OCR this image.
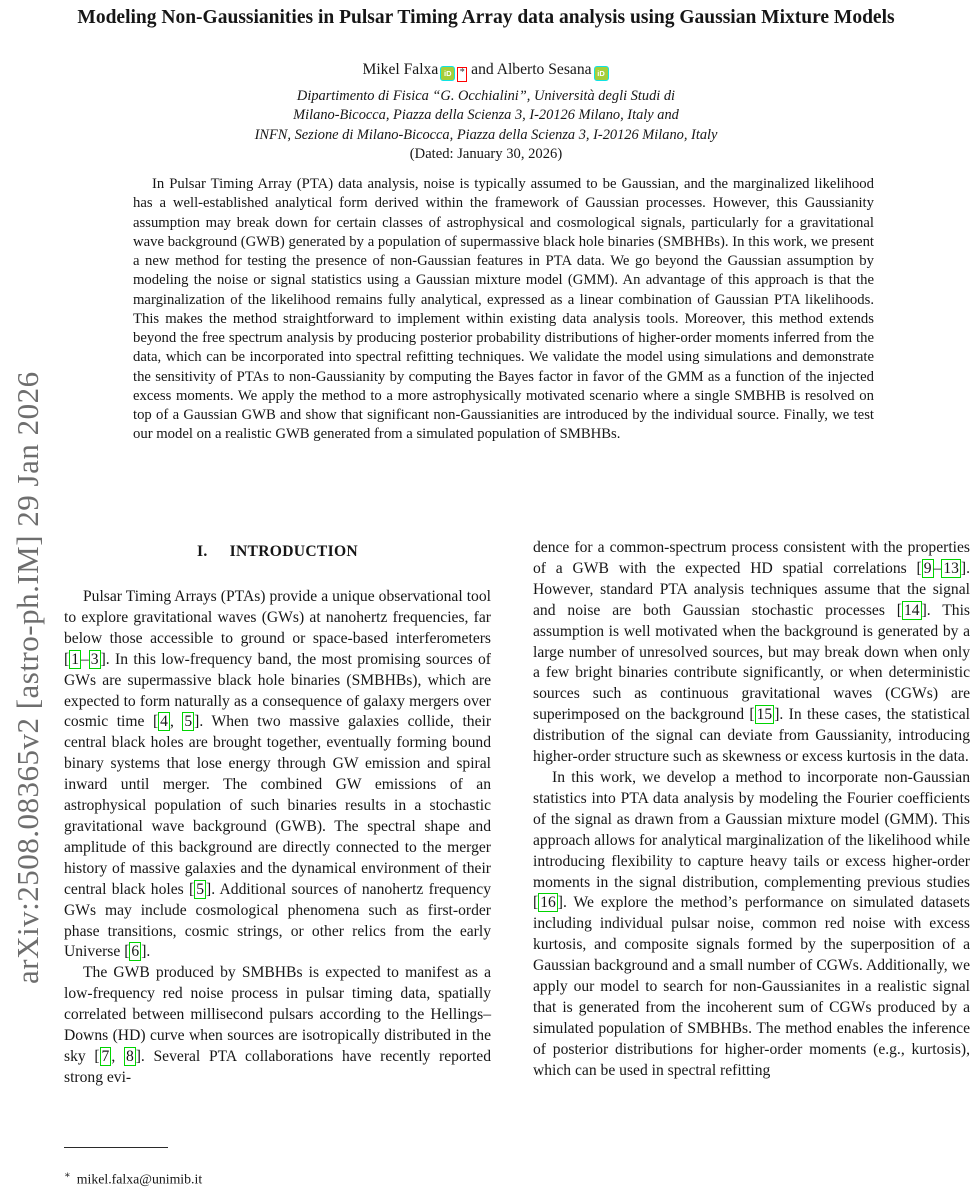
arXiv:2508.08365v2 [astro-ph.IM] 29 Jan 2026
Modeling Non-Gaussianities in Pulsar Timing Array data analysis using Gaussian Mixture Models
Mikel Falxa iD * and Alberto Sesana iD
Dipartimento di Fisica “G. Occhialini”, Università degli Studi di
Milano-Bicocca, Piazza della Scienza 3, I-20126 Milano, Italy and
INFN, Sezione di Milano-Bicocca, Piazza della Scienza 3, I-20126 Milano, Italy
(Dated: January 30, 2026)

In Pulsar Timing Array (PTA) data analysis, noise is typically assumed to be Gaussian, and the marginalized likelihood has a well-established analytical form derived within the framework of Gaussian processes. However, this Gaussianity assumption may break down for certain classes of astrophysical and cosmological signals, particularly for a gravitational wave background (GWB) generated by a population of supermassive black hole binaries (SMBHBs). In this work, we present a new method for testing the presence of non-Gaussian features in PTA data. We go beyond the Gaussian assumption by modeling the noise or signal statistics using a Gaussian mixture model (GMM). An advantage of this approach is that the marginalization of the likelihood remains fully analytical, expressed as a linear combination of Gaussian PTA likelihoods. This makes the method straightforward to implement within existing data analysis tools. Moreover, this method extends beyond the free spectrum analysis by producing posterior probability distributions of higher-order moments inferred from the data, which can be incorporated into spectral refitting techniques. We validate the model using simulations and demonstrate the sensitivity of PTAs to non-Gaussianity by computing the Bayes factor in favor of the GMM as a function of the injected excess moments. We apply the method to a more astrophysically motivated scenario where a single SMBHB is resolved on top of a Gaussian GWB and show that significant non-Gaussianities are introduced by the individual source. Finally, we test our model on a realistic GWB generated from a simulated population of SMBHBs.

I. INTRODUCTION

Pulsar Timing Arrays (PTAs) provide a unique observational tool to explore gravitational waves (GWs) at nanohertz frequencies, far below those accessible to ground or space-based interferometers [ 1 – 3 ]. In this low-frequency band, the most promising sources of GWs are supermassive black hole binaries (SMBHBs), which are expected to form naturally as a consequence of galaxy mergers over cosmic time [ 4 , 5 ]. When two massive galaxies collide, their central black holes are brought together, eventually forming bound binary systems that lose energy through GW emission and spiral inward until merger. The combined GW emissions of an astrophysical population of such binaries results in a stochastic gravitational wave background (GWB). The spectral shape and amplitude of this background are directly connected to the merger history of massive galaxies and the dynamical environment of their central black holes [ 5 ]. Additional sources of nanohertz frequency GWs may include cosmological phenomena such as first-order phase transitions, cosmic strings, or other relics from the early Universe [ 6 ].

The GWB produced by SMBHBs is expected to manifest as a low-frequency red noise process in pulsar timing data, spatially correlated between millisecond pulsars according to the Hellings–Downs (HD) curve when sources are isotropically distributed in the sky [ 7 , 8 ]. Several PTA collaborations have recently reported strong evi-

dence for a common-spectrum process consistent with the properties of a GWB with the expected HD spatial correlations [ 9 – 13 ]. However, standard PTA analysis techniques assume that the signal and noise are both Gaussian stochastic processes [ 14 ]. This assumption is well motivated when the background is generated by a large number of unresolved sources, but may break down when only a few bright binaries contribute significantly, or when deterministic sources such as continuous gravitational waves (CGWs) are superimposed on the background [ 15 ]. In these cases, the statistical distribution of the signal can deviate from Gaussianity, introducing higher-order structure such as skewness or excess kurtosis in the data.

In this work, we develop a method to incorporate non-Gaussian statistics into PTA data analysis by modeling the Fourier coefficients of the signal as drawn from a Gaussian mixture model (GMM). This approach allows for analytical marginalization of the likelihood while introducing flexibility to capture heavy tails or excess higher-order moments in the signal distribution, complementing previous studies [ 16 ]. We explore the method’s performance on simulated datasets including individual pulsar noise, common red noise with excess kurtosis, and composite signals formed by the superposition of a Gaussian background and a small number of CGWs. Additionally, we apply our model to search for non-Gaussianites in a realistic signal that is generated from the incoherent sum of CGWs produced by a simulated population of SMBHBs. The method enables the inference of posterior distributions for higher-order moments (e.g., kurtosis), which can be used in spectral refitting

∗ mikel.falxa@unimib.it
